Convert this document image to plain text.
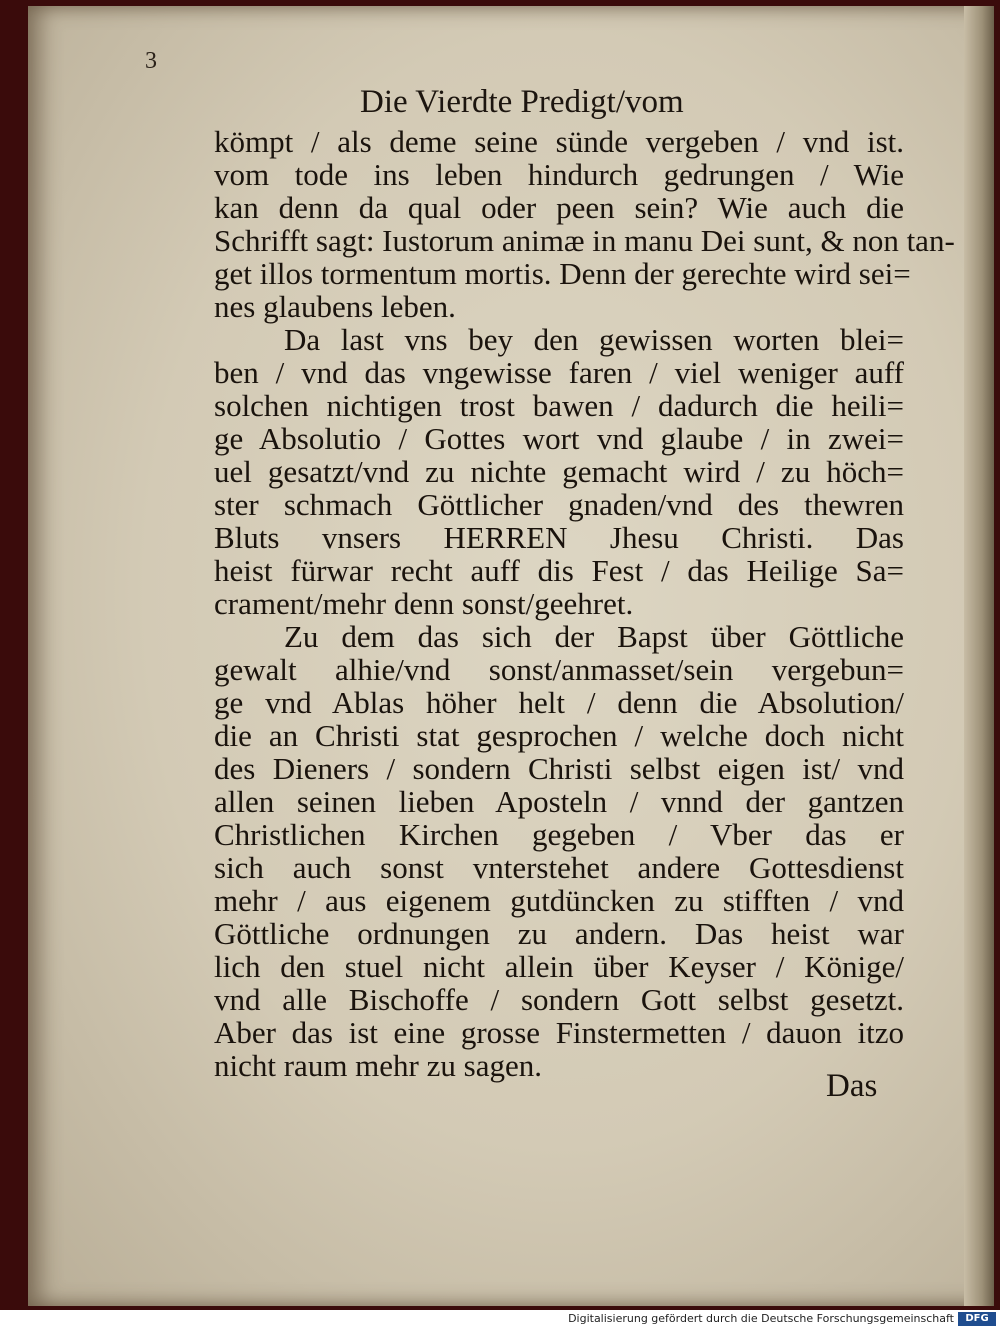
3
Die Vierdte Predigt/vom
kömpt / als deme seine sünde vergeben / vnd ist.
vom tode ins leben hindurch gedrungen / Wie
kan denn da qual oder peen sein? Wie auch die
Schrifft sagt: Iustorum animæ in manu Dei sunt, & non tan-
get illos tormentum mortis. Denn der gerechte wird sei=
nes glaubens leben.
Da last vns bey den gewissen worten blei=
ben / vnd das vngewisse faren / viel weniger auff
solchen nichtigen trost bawen / dadurch die heili=
ge Absolutio / Gottes wort vnd glaube / in zwei=
uel gesatzt/vnd zu nichte gemacht wird / zu höch=
ster schmach Göttlicher gnaden/vnd des thewren
Bluts vnsers HERREN Jhesu Christi. Das
heist fürwar recht auff dis Fest / das Heilige Sa=
crament/mehr denn sonst/geehret.
Zu dem das sich der Bapst über Göttliche
gewalt alhie/vnd sonst/anmasset/sein vergebun=
ge vnd Ablas höher helt / denn die Absolution/
die an Christi stat gesprochen / welche doch nicht
des Dieners / sondern Christi selbst eigen ist/ vnd
allen seinen lieben Aposteln / vnnd der gantzen
Christlichen Kirchen gegeben / Vber das er
sich auch sonst vnterstehet andere Gottesdienst
mehr / aus eigenem gutdüncken zu stifften / vnd
Göttliche ordnungen zu andern. Das heist war
lich den stuel nicht allein über Keyser / Könige/
vnd alle Bischoffe / sondern Gott selbst gesetzt.
Aber das ist eine grosse Finstermetten / dauon itzo
nicht raum mehr zu sagen.
Das
Digitalisierung gefördert durch die Deutsche Forschungsgemeinschaft	DFG
